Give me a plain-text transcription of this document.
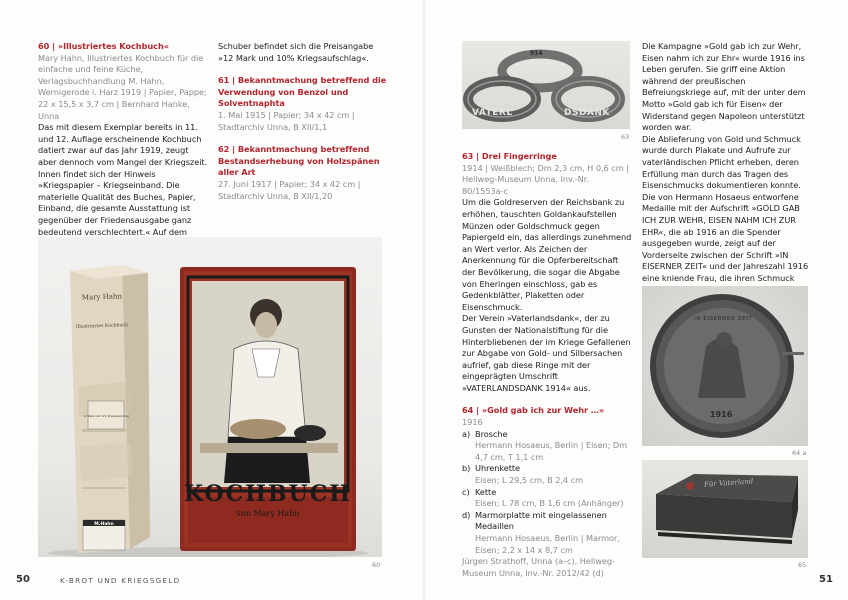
60 | »Illustriertes Kochbuch«
Mary Hahn, Illustriertes Kochbuch für die einfache und feine Küche, Verlagsbuchhandlung M. Hahn, Wernigerode i. Harz 1919 | Papier, Pappe; 22 x 15,5 x 3,7 cm | Bernhard Hanke, Unna
Das mit diesem Exemplar bereits in 11. und 12. Auflage erscheinende Kochbuch datiert zwar auf das Jahr 1919, zeugt aber dennoch vom Mangel der Kriegszeit.
Innen findet sich der Hinweis »Kriegspapier – Kriegseinband. Die materielle Qualität des Buches, Papier, Einband, die gesamte Ausstattung ist gegenüber der Friedensausgabe ganz bedeutend verschlechtert.« Auf dem
Schuber befindet sich die Preisangabe »12 Mark und 10% Kriegsaufschlag«.
61 | Bekanntmachung betreffend die Verwendung von Benzol und Solventnaphta
1. Mai 1915 | Papier; 34 x 42 cm | Stadtarchiv Unna, B XII/1,1
62 | Bekanntmachung betreffend Bestandserhebung von Holzspänen aller Art
27. Juni 1917 | Papier; 34 x 42 cm | Stadtarchiv Unna, B XII/1,20
Mary Hahn
Illustriertes Kochbuch
12 Mark und 10% Kriegsaufschlag
M.Hahn
Illustriertes
KOCHBUCH
von Mary Hahn
60
50	K-BROT UND KRIEGSGELD
914
VATERL	DSDANK
63
63 | Drei Fingerringe
1914 | Weißblech; Dm 2,3 cm, H 0,6 cm | Hellweg-Museum Unna, Inv.-Nr. 80/1553a-c
Um die Goldreserven der Reichsbank zu erhöhen, tauschten Goldankaufstellen Münzen oder Goldschmuck gegen Papiergeld ein, das allerdings zunehmend an Wert verlor. Als Zeichen der Anerkennung für die Opferbereitschaft der Bevölkerung, die sogar die Abgabe von Eheringen einschloss, gab es Gedenkblätter, Plaketten oder Eisenschmuck.
Der Verein »Vaterlandsdank«, der zu Gunsten der Nationalstiftung für die Hinterbliebenen der im Kriege Gefallenen zur Abgabe von Gold- und Silbersachen aufrief, gab diese Ringe mit der eingeprägten Umschrift »VATERLANDSDANK 1914« aus.
64 | »Gold gab ich zur Wehr …«
1916
a) Brosche
Hermann Hosaeus, Berlin | Eisen; Dm 4,7 cm, T 1,1 cm
b) Uhrenkette
Eisen; L 29,5 cm, B 2,4 cm
c) Kette
Eisen; L 78 cm, B 1,6 cm (Anhänger)
d) Marmorplatte mit eingelassenen Medaillen
Hermann Hosaeus, Berlin | Marmor, Eisen; 2,2 x 14 x 8,7 cm
Jürgen Strathoff, Unna (a–c), Hellweg-Museum Unna, Inv.-Nr. 2012/42 (d)
Die Kampagne »Gold gab ich zur Wehr, Eisen nahm ich zur Ehr« wurde 1916 ins Leben gerufen. Sie griff eine Aktion während der preußischen Befreiungskriege auf, mit der unter dem Motto »Gold gab ich für Eisen« der Widerstand gegen Napoleon unterstützt worden war.
Die Ablieferung von Gold und Schmuck wurde durch Plakate und Aufrufe zur vaterländischen Pflicht erheben, deren Erfüllung man durch das Tragen des Eisenschmucks dokumentieren konnte. Die von Hermann Hosaeus entworfene Medaille mit der Aufschrift »GOLD GAB ICH ZUR WEHR, EISEN NAHM ICH ZUR EHR«, die ab 1916 an die Spender ausgegeben wurde, zeigt auf der Vorderseite zwischen der Schrift »IN EISERNER ZEIT« und der Jahreszahl 1916 eine kniende Frau, die ihren Schmuck
IN EISERNER ZEIT
1916
64 a
Für Vaterland
65
51
